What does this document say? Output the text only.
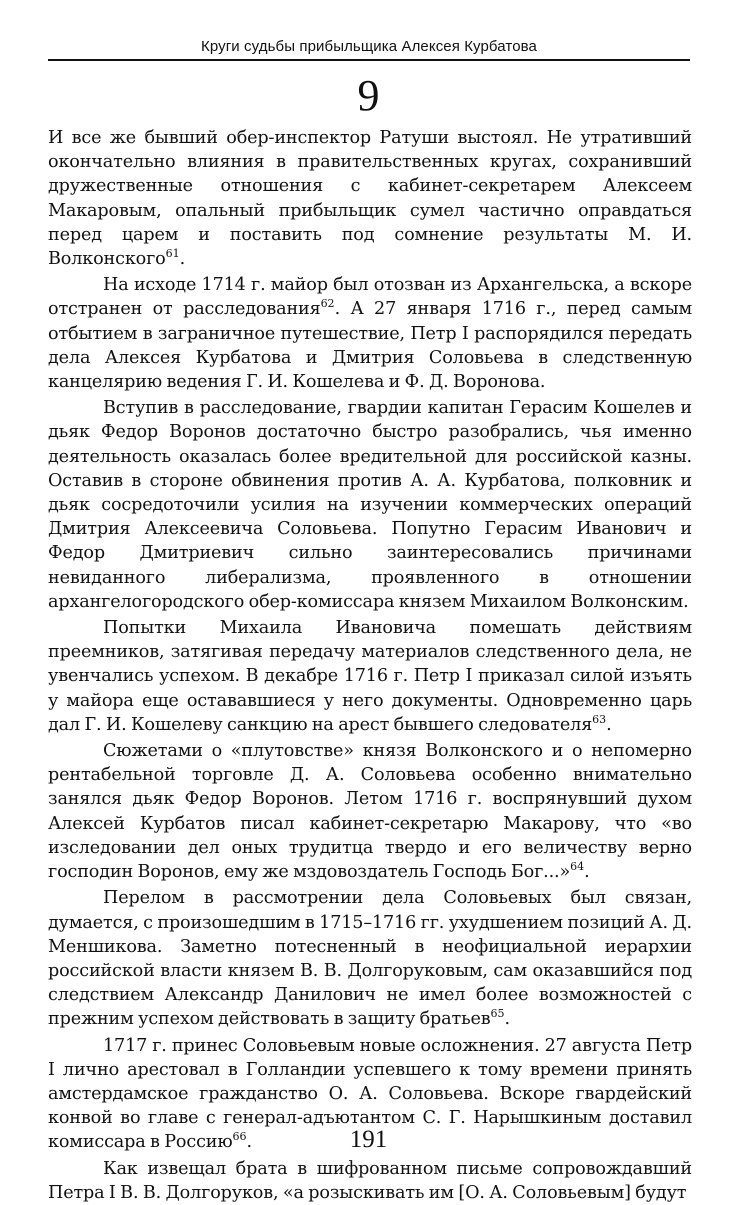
Круги судьбы прибыльщика Алексея Курбатова
9

И все же бывший обер-инспектор Ратуши выстоял. Не утративший окончательно влияния в правительственных кругах, сохранивший дружественные отношения с кабинет-секретарем Алексеем Макаровым, опальный прибыльщик сумел частично оправдаться перед царем и поставить под сомнение результаты М. И. Волконского$^{61}$.

На исходе 1714 г. майор был отозван из Архангельска, а вскоре отстранен от расследования$^{62}$. А 27 января 1716 г., перед самым отбытием в заграничное путешествие, Петр I распорядился передать дела Алексея Курбатова и Дмитрия Соловьева в следственную канцелярию ведения Г. И. Кошелева и Ф. Д. Воронова.

Вступив в расследование, гвардии капитан Герасим Кошелев и дьяк Федор Воронов достаточно быстро разобрались, чья именно деятельность оказалась более вредительной для российской казны. Оставив в стороне обвинения против А. А. Курбатова, полковник и дьяк сосредоточили усилия на изучении коммерческих операций Дмитрия Алексеевича Соловьева. Попутно Герасим Иванович и Федор Дмитриевич сильно заинтересовались причинами невиданного либерализма, проявленного в отношении архангелогородского обер-комиссара князем Михаилом Волконским.

Попытки Михаила Ивановича помешать действиям преемников, затягивая передачу материалов следственного дела, не увенчались успехом. В декабре 1716 г. Петр I приказал силой изъять у майора еще остававшиеся у него документы. Одновременно царь дал Г. И. Кошелеву санкцию на арест бывшего следователя$^{63}$.

Сюжетами о «плутовстве» князя Волконского и о непомерно рентабельной торговле Д. А. Соловьева особенно внимательно занялся дьяк Федор Воронов. Летом 1716 г. воспрянувший духом Алексей Курбатов писал кабинет-секретарю Макарову, что «во изследовании дел оных трудитца твердо и его величеству верно господин Воронов, ему же мздовоздатель Господь Бог...»$^{64}$.

Перелом в рассмотрении дела Соловьевых был связан, думается, с произошедшим в 1715–1716 гг. ухудшением позиций А. Д. Меншикова. Заметно потесненный в неофициальной иерархии российской власти князем В. В. Долгоруковым, сам оказавшийся под следствием Александр Данилович не имел более возможностей с прежним успехом действовать в защиту братьев$^{65}$.

1717 г. принес Соловьевым новые осложнения. 27 августа Петр I лично арестовал в Голландии успевшего к тому времени принять амстердамское гражданство О. А. Соловьева. Вскоре гвардейский конвой во главе с генерал-адъютантом С. Г. Нарышкиным доставил комиссара в Россию$^{66}$.

Как извещал брата в шифрованном письме сопровождавший Петра I В. В. Долгоруков, «а розыскивать им [О. А. Соловьевым] будут

191
